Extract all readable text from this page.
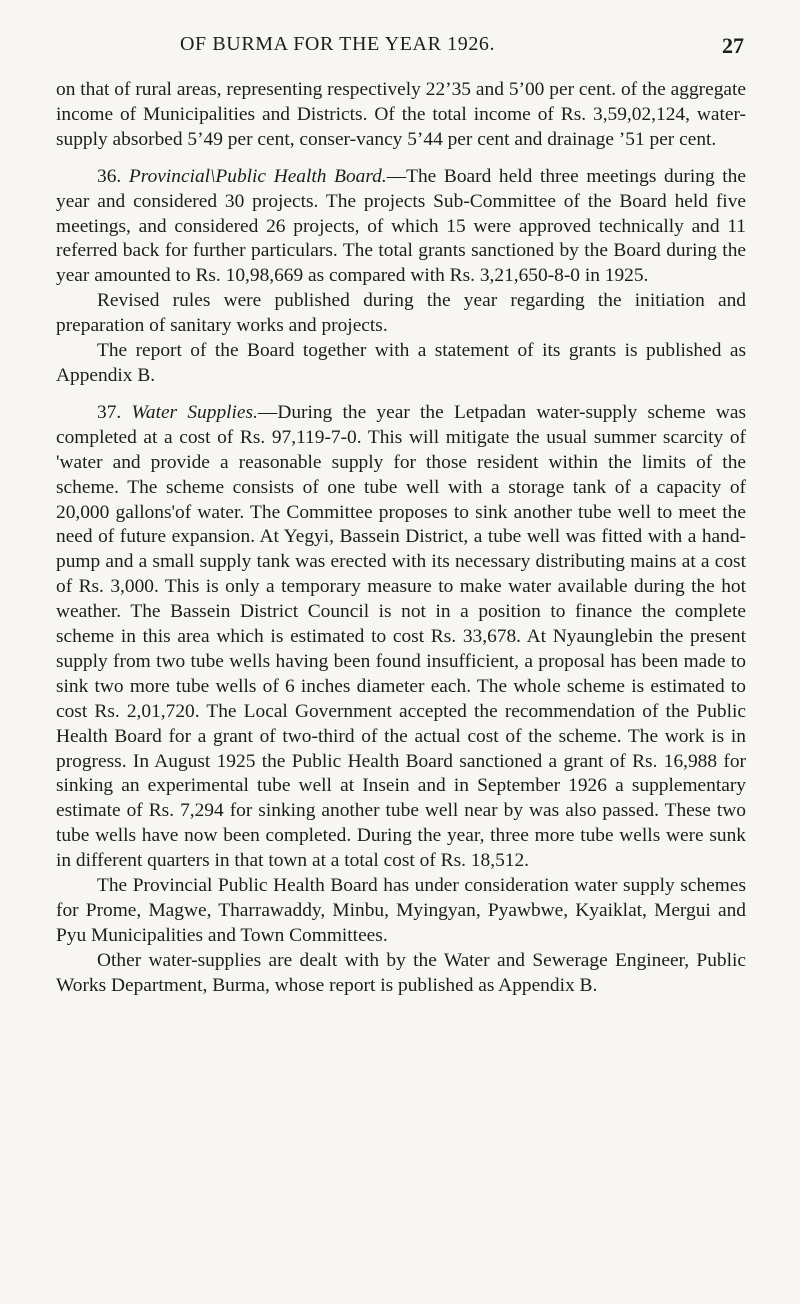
OF BURMA FOR THE YEAR 1926.	27

on that of rural areas, representing respectively 22’35 and 5’00 per cent. of the aggregate income of Municipalities and Districts. Of the total income of Rs. 3,59,02,124, water-supply absorbed 5’49 per cent, conser-vancy 5’44 per cent and drainage ’51 per cent.

36. Provincial\Public Health Board.—The Board held three meetings during the year and considered 30 projects. The projects Sub-Committee of the Board held five meetings, and considered 26 projects, of which 15 were approved technically and 11 referred back for further particulars. The total grants sanctioned by the Board during the year amounted to Rs. 10,98,669 as compared with Rs. 3,21,650-8-0 in 1925.

Revised rules were published during the year regarding the initiation and preparation of sanitary works and projects.

The report of the Board together with a statement of its grants is published as Appendix B.

37. Water Supplies.—During the year the Letpadan water-supply scheme was completed at a cost of Rs. 97,119-7-0. This will mitigate the usual summer scarcity of 'water and provide a reasonable supply for those resident within the limits of the scheme. The scheme consists of one tube well with a storage tank of a capacity of 20,000 gallons'of water. The Committee proposes to sink another tube well to meet the need of future expansion. At Yegyi, Bassein District, a tube well was fitted with a hand-pump and a small supply tank was erected with its necessary distributing mains at a cost of Rs. 3,000. This is only a temporary measure to make water available during the hot weather. The Bassein District Council is not in a position to finance the complete scheme in this area which is estimated to cost Rs. 33,678. At Nyaunglebin the present supply from two tube wells having been found insufficient, a proposal has been made to sink two more tube wells of 6 inches diameter each. The whole scheme is estimated to cost Rs. 2,01,720. The Local Government accepted the recommendation of the Public Health Board for a grant of two-third of the actual cost of the scheme. The work is in progress. In August 1925 the Public Health Board sanctioned a grant of Rs. 16,988 for sinking an experimental tube well at Insein and in September 1926 a supplementary estimate of Rs. 7,294 for sinking another tube well near by was also passed. These two tube wells have now been completed. During the year, three more tube wells were sunk in different quarters in that town at a total cost of Rs. 18,512.

The Provincial Public Health Board has under consideration water supply schemes for Prome, Magwe, Tharrawaddy, Minbu, Myingyan, Pyawbwe, Kyaiklat, Mergui and Pyu Municipalities and Town Committees.

Other water-supplies are dealt with by the Water and Sewerage Engineer, Public Works Department, Burma, whose report is published as Appendix B.
